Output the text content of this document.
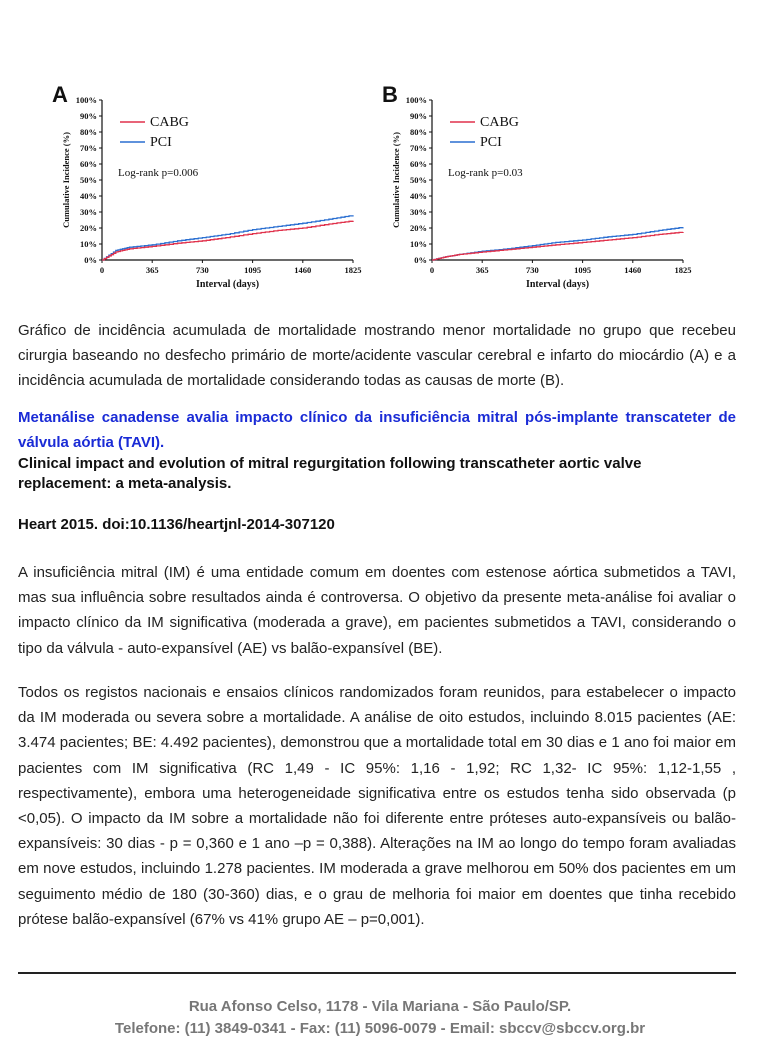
A
0%
10%
20%
30%
40%
50%
60%
70%
80%
90%
100%
0	365	730	1095	1460	1825
Interval (days)
Cumulative Incidence (%)
CABG
PCI
Log-rank p=0.006
B
0%
10%
20%
30%
40%
50%
60%
70%
80%
90%
100%
0	365	730	1095	1460	1825
Interval (days)
Cumulative Incidence (%)
CABG
PCI
Log-rank p=0.03
Gráfico de incidência acumulada de mortalidade mostrando menor mortalidade no grupo que recebeu cirurgia baseando no desfecho primário de morte/acidente vascular cerebral e infarto do miocárdio (A) e a incidência acumulada de mortalidade considerando todas as causas de morte (B).
Metanálise canadense avalia impacto clínico da insuficiência mitral pós-implante transcateter de válvula aórtia (TAVI).
Clinical impact and evolution of mitral regurgitation following transcatheter aortic valve replacement: a meta-analysis.
Heart 2015. doi:10.1136/heartjnl-2014-307120
A insuficiência mitral (IM) é uma entidade comum em doentes com estenose aórtica submetidos a TAVI, mas sua influência sobre resultados ainda é controversa. O objetivo da presente meta-análise foi avaliar o impacto clínico da IM significativa (moderada a grave), em pacientes submetidos a TAVI, considerando o tipo da válvula - auto-expansível (AE) vs balão-expansível (BE).
Todos os registos nacionais e ensaios clínicos randomizados foram reunidos, para estabelecer o impacto da IM moderada ou severa sobre a mortalidade. A análise de oito estudos, incluindo 8.015 pacientes (AE: 3.474 pacientes; BE: 4.492 pacientes), demonstrou que a mortalidade total em 30 dias e 1 ano foi maior em pacientes com IM significativa (RC 1,49 - IC 95%: 1,16 - 1,92; RC 1,32- IC 95%: 1,12-1,55 , respectivamente), embora uma heterogeneidade significativa entre os estudos tenha sido observada (p <0,05). O impacto da IM sobre a mortalidade não foi diferente entre próteses auto-expansíveis ou balão-expansíveis: 30 dias - p = 0,360 e 1 ano –p = 0,388). Alterações na IM ao longo do tempo foram avaliadas em nove estudos, incluindo 1.278 pacientes. IM moderada a grave melhorou em 50% dos pacientes em um seguimento médio de 180 (30-360) dias, e o grau de melhoria foi maior em doentes que tinha recebido prótese balão-expansível (67% vs 41% grupo AE – p=0,001).
Rua Afonso Celso, 1178 - Vila Mariana - São Paulo/SP.
Telefone: (11) 3849-0341 - Fax: (11) 5096-0079 - Email: sbccv@sbccv.org.br
